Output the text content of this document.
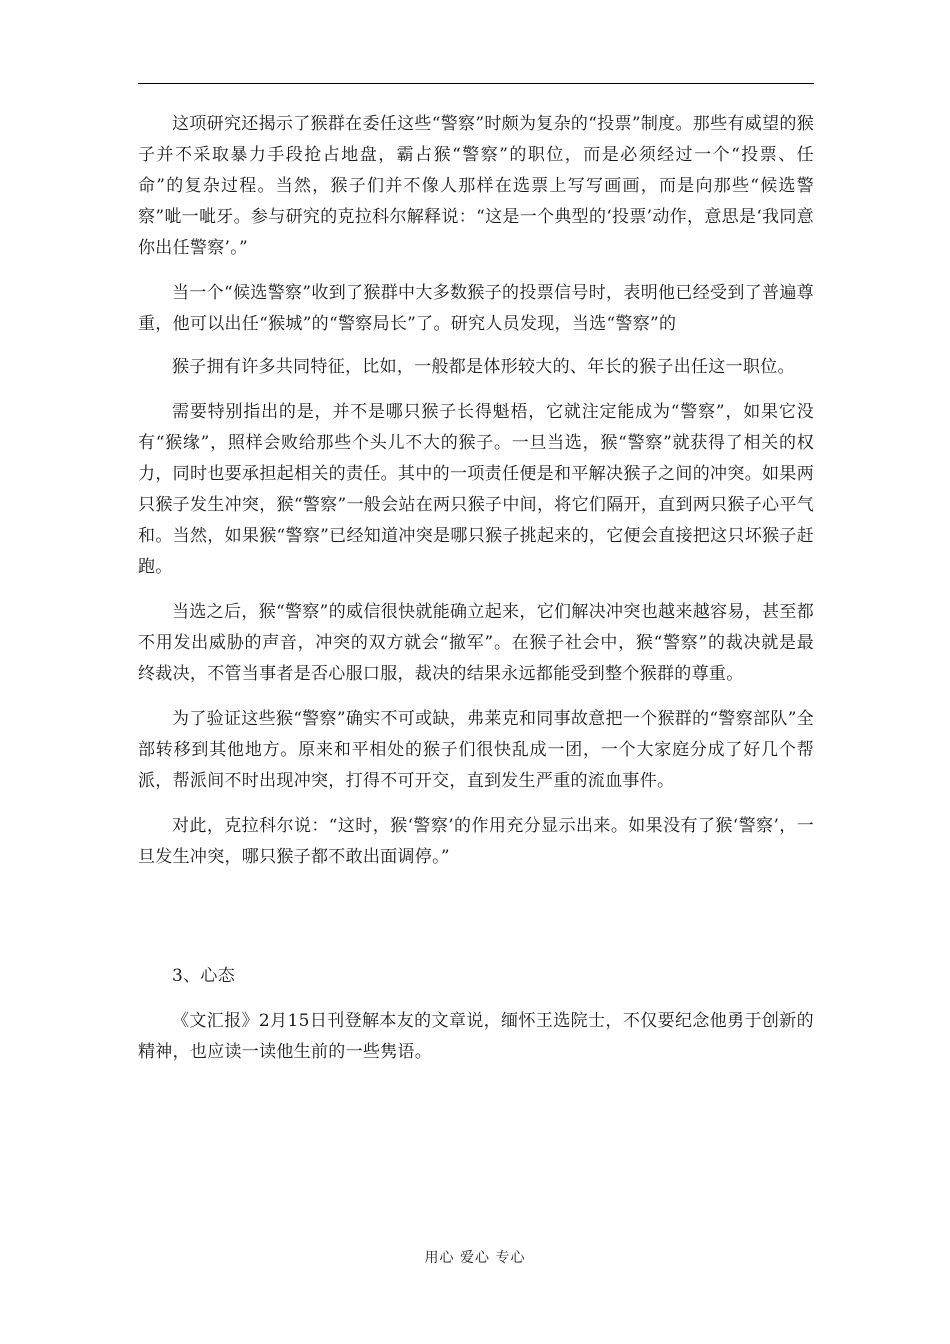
这项研究还揭示了猴群在委任这些“警察”时颇为复杂的“投票”制度。那些有威望的猴子并不采取暴力手段抢占地盘，霸占猴“警察”的职位，而是必须经过一个“投票、任命”的复杂过程。当然，猴子们并不像人那样在选票上写写画画，而是向那些“候选警察”呲一呲牙。参与研究的克拉科尔解释说：“这是一个典型的‘投票’动作，意思是‘我同意你出任警察’。”

当一个“候选警察”收到了猴群中大多数猴子的投票信号时，表明他已经受到了普遍尊重，他可以出任“猴城”的“警察局长”了。研究人员发现，当选“警察”的

猴子拥有许多共同特征，比如，一般都是体形较大的、年长的猴子出任这一职位。

需要特别指出的是，并不是哪只猴子长得魁梧，它就注定能成为“警察”，如果它没有“猴缘”，照样会败给那些个头儿不大的猴子。一旦当选，猴“警察”就获得了相关的权力，同时也要承担起相关的责任。其中的一项责任便是和平解决猴子之间的冲突。如果两只猴子发生冲突，猴“警察”一般会站在两只猴子中间，将它们隔开，直到两只猴子心平气和。当然，如果猴“警察”已经知道冲突是哪只猴子挑起来的，它便会直接把这只坏猴子赶跑。

当选之后，猴“警察”的威信很快就能确立起来，它们解决冲突也越来越容易，甚至都不用发出威胁的声音，冲突的双方就会“撤军”。在猴子社会中，猴“警察”的裁决就是最终裁决，不管当事者是否心服口服，裁决的结果永远都能受到整个猴群的尊重。

为了验证这些猴“警察”确实不可或缺，弗莱克和同事故意把一个猴群的“警察部队”全部转移到其他地方。原来和平相处的猴子们很快乱成一团，一个大家庭分成了好几个帮派，帮派间不时出现冲突，打得不可开交，直到发生严重的流血事件。

对此，克拉科尔说：“这时，猴‘警察’的作用充分显示出来。如果没有了猴‘警察’，一旦发生冲突，哪只猴子都不敢出面调停。”

3、心态

《文汇报》2月15日刊登解本友的文章说，缅怀王选院士，不仅要纪念他勇于创新的精神，也应读一读他生前的一些隽语。

用心 爱心 专心
